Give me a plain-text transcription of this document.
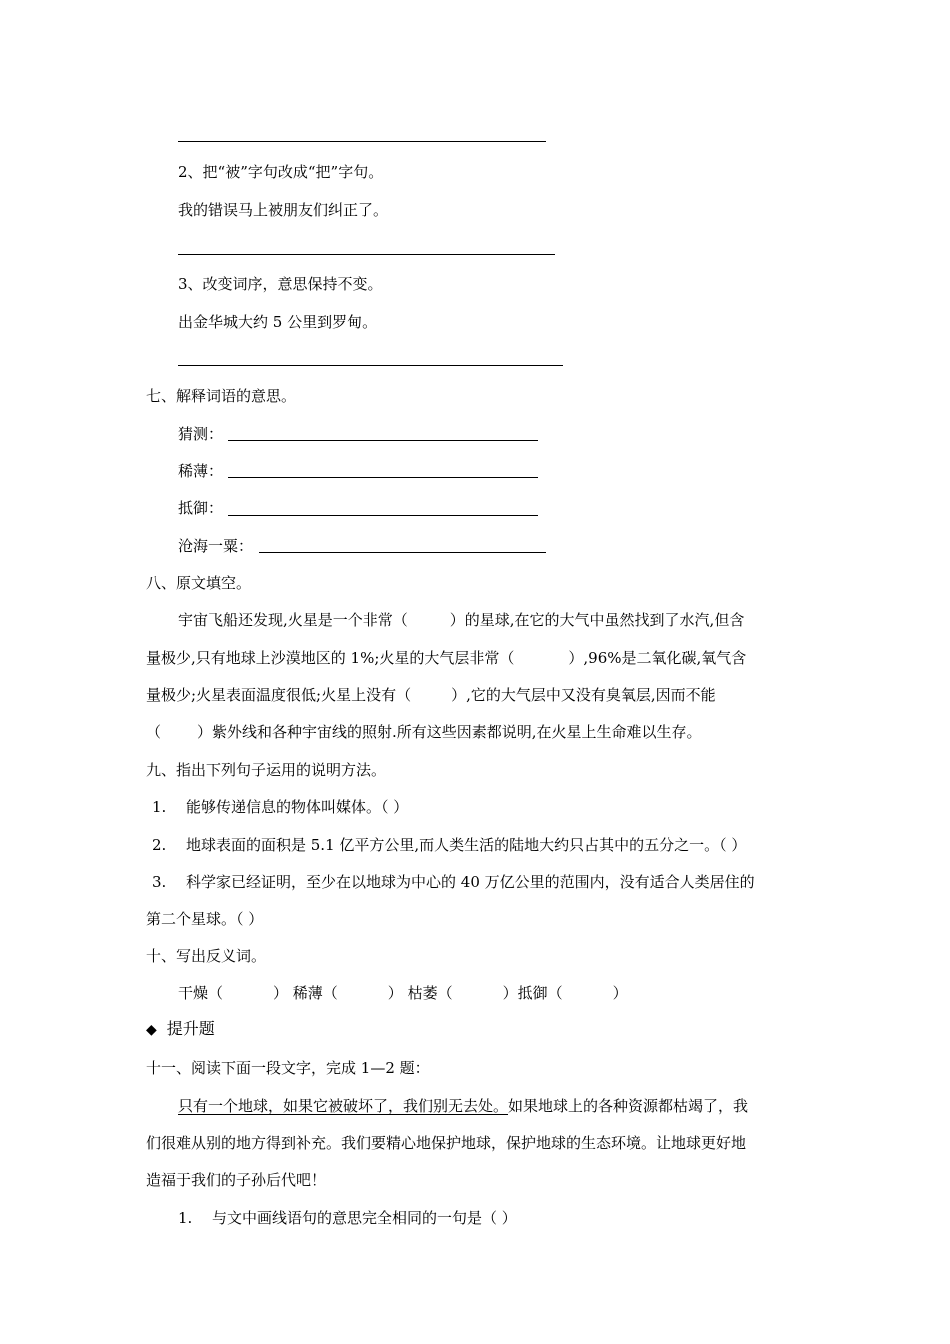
2、把“被”字句改成“把”字句。
我的错误马上被朋友们纠正了。
3、改变词序，意思保持不变。
出金华城大约 5 公里到罗甸。
七、解释词语的意思。
猜测：
稀薄：
抵御：
沧海一粟：
八、原文填空。
宇宙飞船还发现,火星是一个非常（	）的星球,在它的大气中虽然找到了水汽,但含
量极少,只有地球上沙漠地区的 1%;火星的大气层非常（	）,96%是二氧化碳,氧气含
量极少;火星表面温度很低;火星上没有（	）,它的大气层中又没有臭氧层,因而不能
（ ）紫外线和各种宇宙线的照射.所有这些因素都说明,在火星上生命难以生存。
九、指出下列句子运用的说明方法。
1. 能够传递信息的物体叫媒体。（ ）
2. 地球表面的面积是 5.1 亿平方公里,而人类生活的陆地大约只占其中的五分之一。（ ）
3. 科学家已经证明，至少在以地球为中心的 40 万亿公里的范围内，没有适合人类居住的
第二个星球。（ ）
十、写出反义词。
干燥（	） 稀薄（	） 枯萎（	）抵御（	）
◆ 提升题
十一、阅读下面一段文字，完成 1—2 题：
只有一个地球，如果它被破坏了，我们别无去处。如果地球上的各种资源都枯竭了，我
们很难从别的地方得到补充。我们要精心地保护地球，保护地球的生态环境。让地球更好地
造福于我们的子孙后代吧！
1. 与文中画线语句的意思完全相同的一句是（ ）
